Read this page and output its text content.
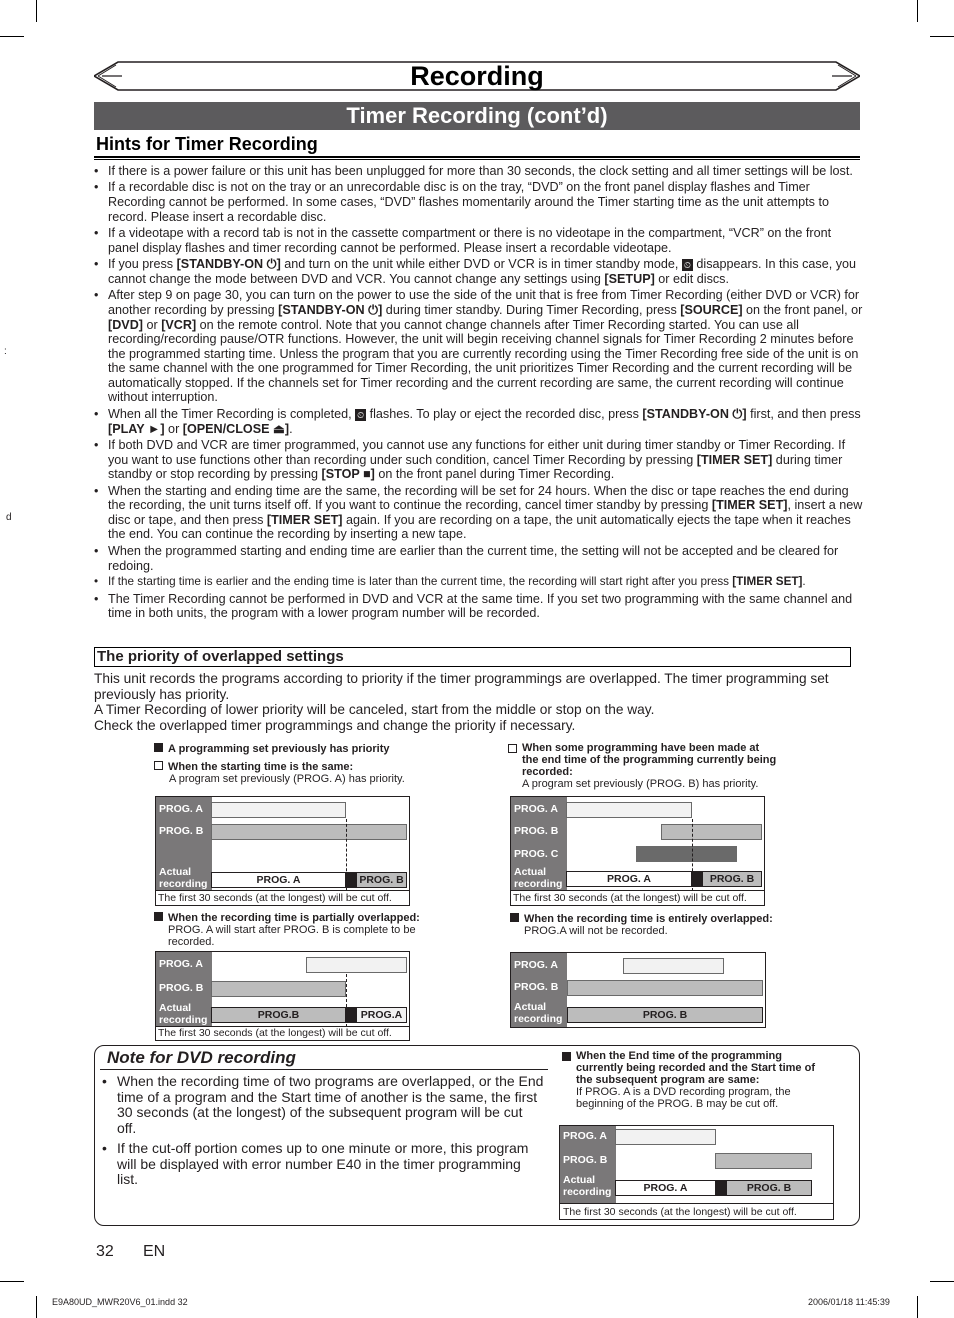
:
d
Recording
Timer Recording (cont’d)
Hints for Timer Recording
• If there is a power failure or this unit has been unplugged for more than 30 seconds, the clock setting and all timer settings will be lost.
• If a recordable disc is not on the tray or an unrecordable disc is on the tray, “DVD” on the front panel display flashes and Timer Recording cannot be performed. In some cases, “DVD” flashes momentarily around the Timer starting time as the unit attempts to record. Please insert a recordable disc.
• If a videotape with a record tab is not in the cassette compartment or there is no videotape in the compartment, “VCR” on the front panel display flashes and timer recording cannot be performed. Please insert a recordable videotape.
• If you press [STANDBY-ON ⏻] and turn on the unit while either DVD or VCR is in timer standby mode, ⏲ disappears. In this case, you cannot change the mode between DVD and VCR. You cannot change any settings using [SETUP] or edit discs.
• After step 9 on page 30, you can turn on the power to use the side of the unit that is free from Timer Recording (either DVD or VCR) for another recording by pressing [STANDBY-ON ⏻] during timer standby. During Timer Recording, press [SOURCE] on the front panel, or [DVD] or [VCR] on the remote control. Note that you cannot change channels after Timer Recording started. You can use all recording/recording pause/OTR functions. However, the unit will begin receiving channel signals for Timer Recording 2 minutes before the programmed starting time. Unless the program that you are currently recording using the Timer Recording free side of the unit is on the same channel with the one programmed for Timer Recording, the unit prioritizes Timer Recording and the current recording will be automatically stopped. If the channels set for Timer recording and the current recording are same, the current recording will continue without interruption.
• When all the Timer Recording is completed, ⏲ flashes. To play or eject the recorded disc, press [STANDBY-ON ⏻] first, and then press [PLAY ►] or [OPEN/CLOSE ⏏].
• If both DVD and VCR are timer programmed, you cannot use any functions for either unit during timer standby or Timer Recording. If you want to use functions other than recording under such condition, cancel Timer Recording by pressing [TIMER SET] during timer standby or stop recording by pressing [STOP ■] on the front panel during Timer Recording.
• When the starting and ending time are the same, the recording will be set for 24 hours. When the disc or tape reaches the end during the recording, the unit turns itself off. If you want to continue the recording, cancel timer standby by pressing [TIMER SET], insert a new disc or tape, and then press [TIMER SET] again. If you are recording on a tape, the unit automatically ejects the tape when it reaches the end. You can continue the recording by inserting a new tape.
• When the programmed starting and ending time are earlier than the current time, the setting will not be accepted and be cleared for redoing.
• If the starting time is earlier and the ending time is later than the current time, the recording will start right after you press [TIMER SET].
• The Timer Recording cannot be performed in DVD and VCR at the same time. If you set two programming with the same channel and time in both units, the program with a lower program number will be recorded.
The priority of overlapped settings
This unit records the programs according to priority if the timer programmings are overlapped. The timer programming set previously has priority.
A Timer Recording of lower priority will be canceled, start from the middle or stop on the way.
Check the overlapped timer programmings and change the priority if necessary.
A programming set previously has priority
When the starting time is the same:
A program set previously (PROG. A) has priority.
PROG. A
PROG. B
Actual recording	PROG. A	PROG. B
The first 30 seconds (at the longest) will be cut off.
When the recording time is partially overlapped:

PROG. A will start after PROG. B is complete to be recorded.
PROG. A
PROG. B
Actual recording	PROG.B	PROG.A
The first 30 seconds (at the longest) will be cut off.
When some programming have been made at the end time of the programming currently being recorded:
A program set previously (PROG. B) has priority.
PROG. A
PROG. B
PROG. C
Actual recording	PROG. A	PROG. B
The first 30 seconds (at the longest) will be cut off.
When the recording time is entirely overlapped:
PROG.A will not be recorded.
PROG. A
PROG. B
Actual recording	PROG. B
Note for DVD recording
• When the recording time of two programs are overlapped, or the End time of a program and the Start time of another is the same, the first 30 seconds (at the longest) of the subsequent program will be cut off.
• If the cut-off portion comes up to one minute or more, this program will be displayed with error number E40 in the timer programming list.
When the End time of the programming currently being recorded and the Start time of the subsequent program are same:
If PROG. A is a DVD recording program, the beginning of the PROG. B may be cut off.
PROG. A
PROG. B
Actual recording	PROG. A	PROG. B
The first 30 seconds (at the longest) will be cut off.
32 EN
E9A80UD_MWR20V6_01.indd 32	2006/01/18 11:45:39
